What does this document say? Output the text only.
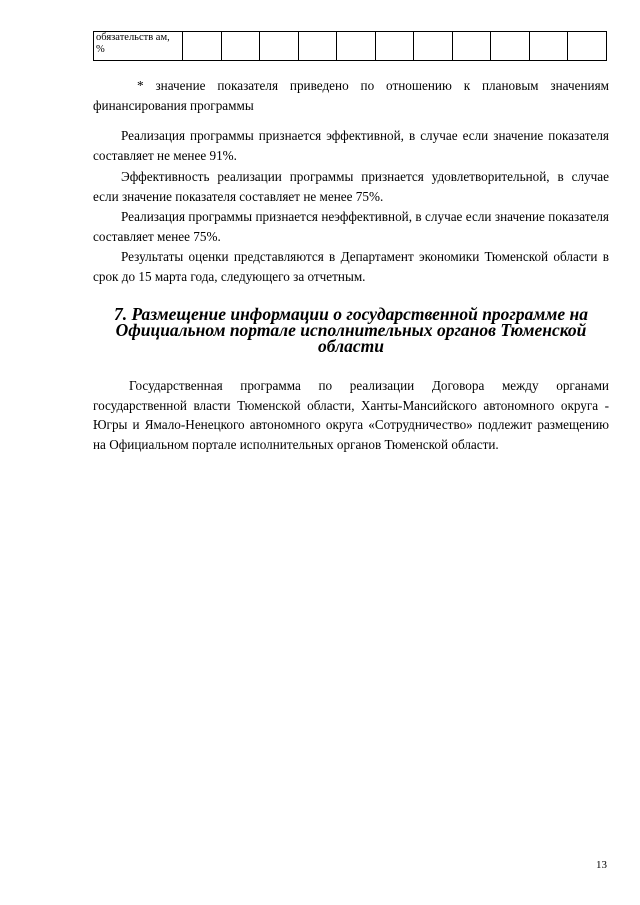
обязательств ам, %											

* значение показателя приведено по отношению к плановым значениям финансирования программы

Реализация программы признается эффективной, в случае если значение показателя составляет не менее 91%.

Эффективность реализации программы признается удовлетворительной, в случае если значение показателя составляет не менее 75%.

Реализация программы признается неэффективной, в случае если значение показателя составляет менее 75%.

Результаты оценки представляются в Департамент экономики Тюменской области в срок до 15 марта года, следующего за отчетным.

7. Размещение информации о государственной программе на Официальном портале исполнительных органов Тюменской области

Государственная программа по реализации Договора между органами государственной власти Тюменской области, Ханты-Мансийского автономного округа - Югры и Ямало-Ненецкого автономного округа «Сотрудничество» подлежит размещению на Официальном портале исполнительных органов Тюменской области.

13
